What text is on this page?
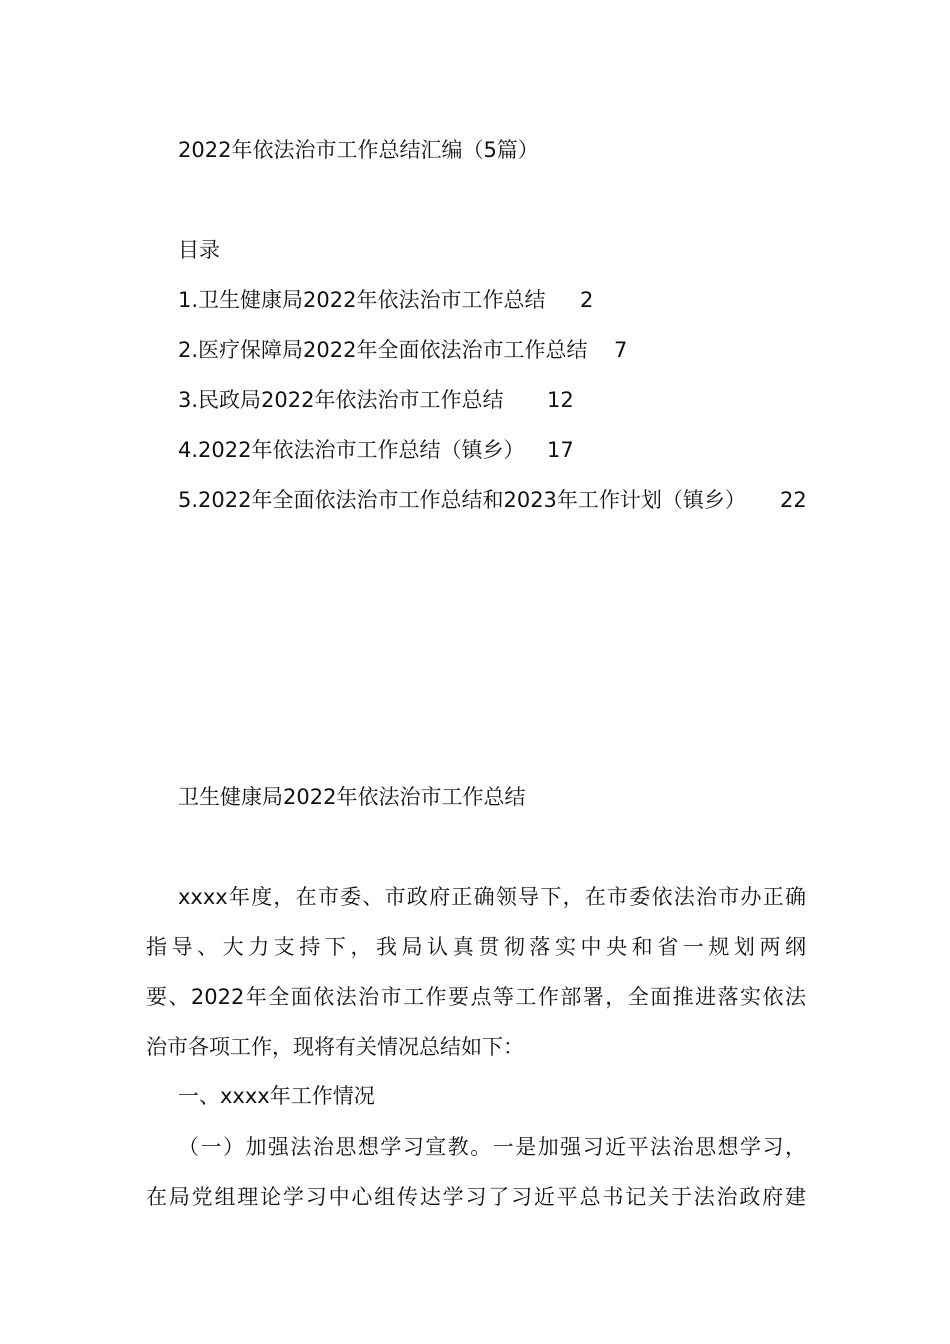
2022年依法治市工作总结汇编（5篇）
目录
1.卫生健康局2022年依法治市工作总结 2
2.医疗保障局2022年全面依法治市工作总结 7
3.民政局2022年依法治市工作总结 12
4.2022年依法治市工作总结（镇乡） 17
5.2022年全面依法治市工作总结和2023年工作计划（镇乡） 22
卫生健康局2022年依法治市工作总结
xxxx年度，在市委、市政府正确领导下，在市委依法治市办正确
指导、大力支持下，我局认真贯彻落实中央和省一规划两纲
要、2022年全面依法治市工作要点等工作部署，全面推进落实依法
治市各项工作，现将有关情况总结如下：
一、xxxx年工作情况
（一）加强法治思想学习宣教。一是加强习近平法治思想学习，
在局党组理论学习中心组传达学习了习近平总书记关于法治政府建
